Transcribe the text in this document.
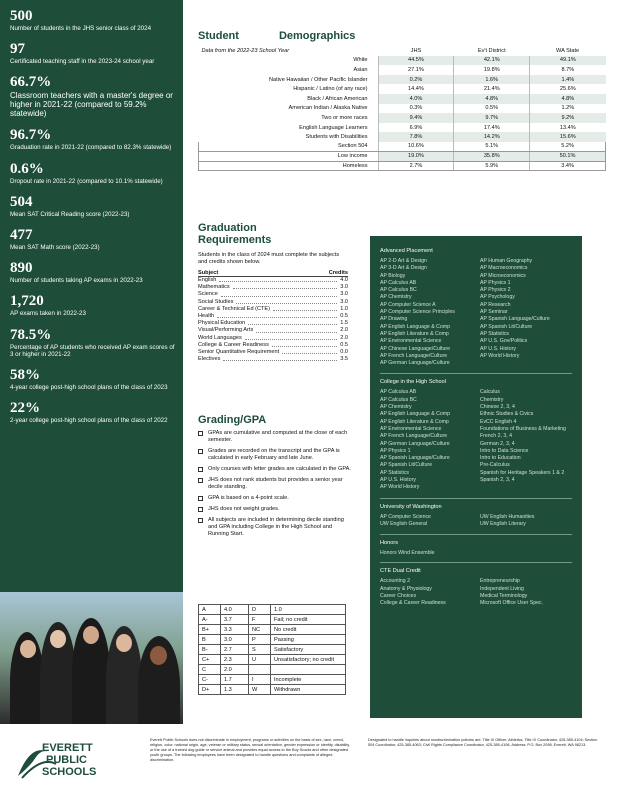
500
Number of students in the JHS senior class of 2024
97
Certificated teaching staff in the 2023-24 school year
66.7%
Classroom teachers with a master's degree or higher in 2021-22 (compared to 59.2% statewide)
96.7%
Graduation rate in 2021-22 (compared to 82.3% statewide)
0.6%
Dropout rate in 2021-22 (compared to 10.1% statewide)
504
Mean SAT Critical Reading score (2022-23)
477
Mean SAT Math score (2022-23)
890
Number of students taking AP exams in 2022-23
1,720
AP exams taken in 2022-23
78.5%
Percentage of AP students who received AP exam scores of 3 or higher in 2021-22
58%
4-year college post-high school plans of the class of 2023
22%
2-year college post-high school plans of the class of 2022
Student	Demographics
Data from the 2022-23 School Year	JHS	Ev't District	WA State
White	44.5%	42.1%	49.1%
Asian	27.1%	19.8%	8.7%
Native Hawaiian / Other Pacific Islander	0.2%	1.6%	1.4%
Hispanic / Latino (of any race)	14.4%	21.4%	25.6%
Black / African American	4.0%	4.8%	4.8%
American Indian / Alaska Native	0.3%	0.5%	1.2%
Two or more races	9.4%	9.7%	9.2%
English Language Learners	6.9%	17.4%	13.4%
Students with Disabilities	7.8%	14.2%	15.6%
Section 504	10.6%	5.1%	5.2%
Low income	19.0%	35.8%	50.1%
Homeless	2.7%	5.9%	3.4%
Graduation Requirements
Students in the class of 2024 must complete the subjects and credits shown below.
Subject	Credits
English	4.0
Mathematics	3.0
Science	3.0
Social Studies	3.0
Career & Technical Ed (CTE)	1.0
Health	0.5
Physical Education	1.5
Visual/Performing Arts	2.0
World Languages	2.0
College & Career Readiness	0.5
Senior Quantitative Requirement	0.0
Electives	3.5
Grading/GPA
GPAs are cumulative and computed at the close of each semester.
Grades are recorded on the transcript and the GPA is calculated in early February and late June.
Only courses with letter grades are calculated in the GPA.
JHS does not rank students but provides a senior year decile standing.
GPA is based on a 4-point scale.
JHS does not weight grades.
All subjects are included in determining decile standing and GPA including College in the High School and Running Start.
A	4.0	D	1.0
A-	3.7	F	Fail; no credit
B+	3.3	NC	No credit
B	3.0	P	Passing
B-	2.7	S	Satisfactory
C+	2.3	U	Unsatisfactory; no credit
C	2.0		
C-	1.7	I	Incomplete
D+	1.3	W	Withdrawn
Advanced Placement
AP 2-D Art & Design
AP 3-D Art & Design
AP Biology
AP Calculus AB
AP Calculus BC
AP Chemistry
AP Computer Science A
AP Computer Science Principles
AP Drawing
AP English Language & Comp
AP English Literature & Comp
AP Environmental Science
AP Chinese Language/Culture
AP French Language/Culture
AP German Language/Culture
AP Human Geography
AP Macroeconomics
AP Microeconomics
AP Physics 1
AP Physics 2
AP Psychology
AP Research
AP Seminar
AP Spanish Language/Culture
AP Spanish Lit/Culture
AP Statistics
AP U.S. Gov/Politics
AP U.S. History
AP World History
College in the High School
AP Calculus AB
AP Calculus BC
AP Chemistry
AP English Language & Comp
AP English Literature & Comp
AP Environmental Science
AP French Language/Culture
AP German Language/Culture
AP Physics 1
AP Spanish Language/Culture
AP Spanish Lit/Culture
AP Statistics
AP U.S. History
AP World History
Calculus
Chemistry
Chinese 2, 3, 4
Ethnic Studies & Civics
EvCC English 4
Foundations of Business & Marketing
French 2, 3, 4
German 2, 3, 4
Intro to Data Science
Intro to Education
Pre-Calculus
Spanish for Heritage Speakers 1 & 2
Spanish 2, 3, 4
University of Washington
AP Computer Science
UW English General
UW English Humanities
UW English Literary
Honors
Honors Wind Ensemble
CTE Dual Credit
Accounting 2
Anatomy & Physiology
Career Choices
College & Career Readiness
Entrepreneurship
Independent Living
Medical Terminology
Microsoft Office User Spec.
EVERETT
PUBLIC
SCHOOLS
Everett Public Schools does not discriminate in employment, programs or activities on the basis of sex, race, creed, religion, color, national origin, age, veteran or military status, sexual orientation, gender expression or identity, disability, or the use of a trained dog guide or service animal and provides equal access to the Boy Scouts and other designated youth groups. The following employees have been designated to handle questions and complaints of alleged discrimination.
Designated to handle inquiries about nondiscrimination policies are: Title IX Officer, Athletics, Title IX Coordinator, 425-385-4104; Section 504 Coordinator, 425-385-4063; Civil Rights Compliance Coordinator, 425-385-4106; Address: P.O. Box 2098, Everett, WA 98213.
